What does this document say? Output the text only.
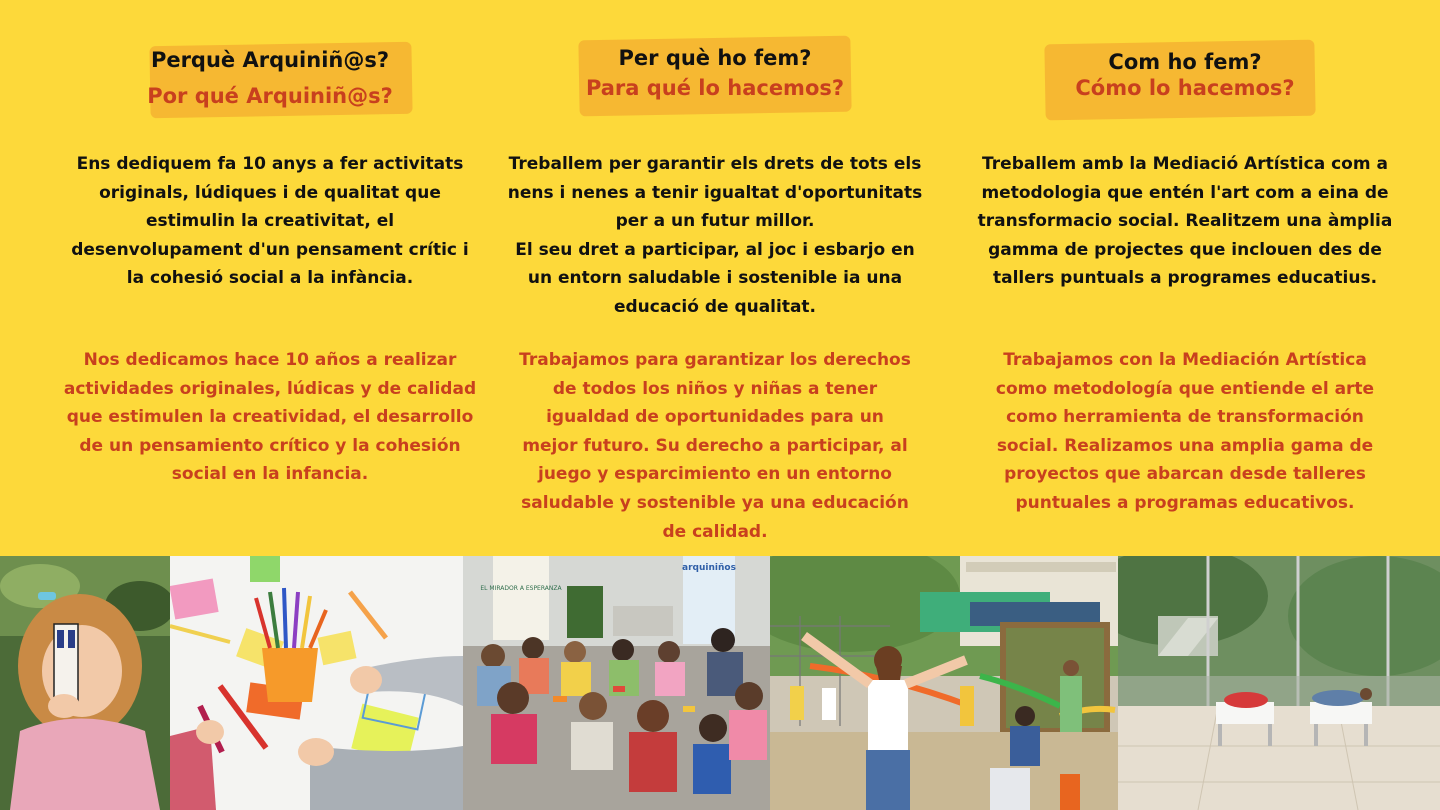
Perquè Arquiniñ@s?
Por qué Arquiniñ@s?

Ens dediquem fa 10 anys a fer activitats originals, lúdiques i de qualitat que estimulin la creativitat, el desenvolupament d'un pensament crític i la cohesió social a la infància.

Nos dedicamos hace 10 años a realizar actividades originales, lúdicas y de calidad que estimulen la creatividad, el desarrollo de un pensamiento crítico y la cohesión social en la infancia.

Per què ho fem?
Para qué lo hacemos?

Treballem per garantir els drets de tots els nens i nenes a tenir igualtat d'oportunitats per a un futur millor.
El seu dret a participar, al joc i esbarjo en un entorn saludable i sostenible ia una educació de qualitat.

Trabajamos para garantizar los derechos de todos los niños y niñas a tener igualdad de oportunidades para un mejor futuro. Su derecho a participar, al juego y esparcimiento en un entorno saludable y sostenible ya una educación de calidad.

Com ho fem?
Cómo lo hacemos?

Treballem amb la Mediació Artística com a metodologia que entén l'art com a eina de transformacio social. Realitzem una àmplia gamma de projectes que inclouen des de tallers puntuals a programes educatius.

Trabajamos con la Mediación Artística como metodología que entiende el arte como herramienta de transformación social. Realizamos una amplia gama de proyectos que abarcan desde talleres puntuales a programas educativos.

EL MIRADOR A ESPERANZA
arquiniños
